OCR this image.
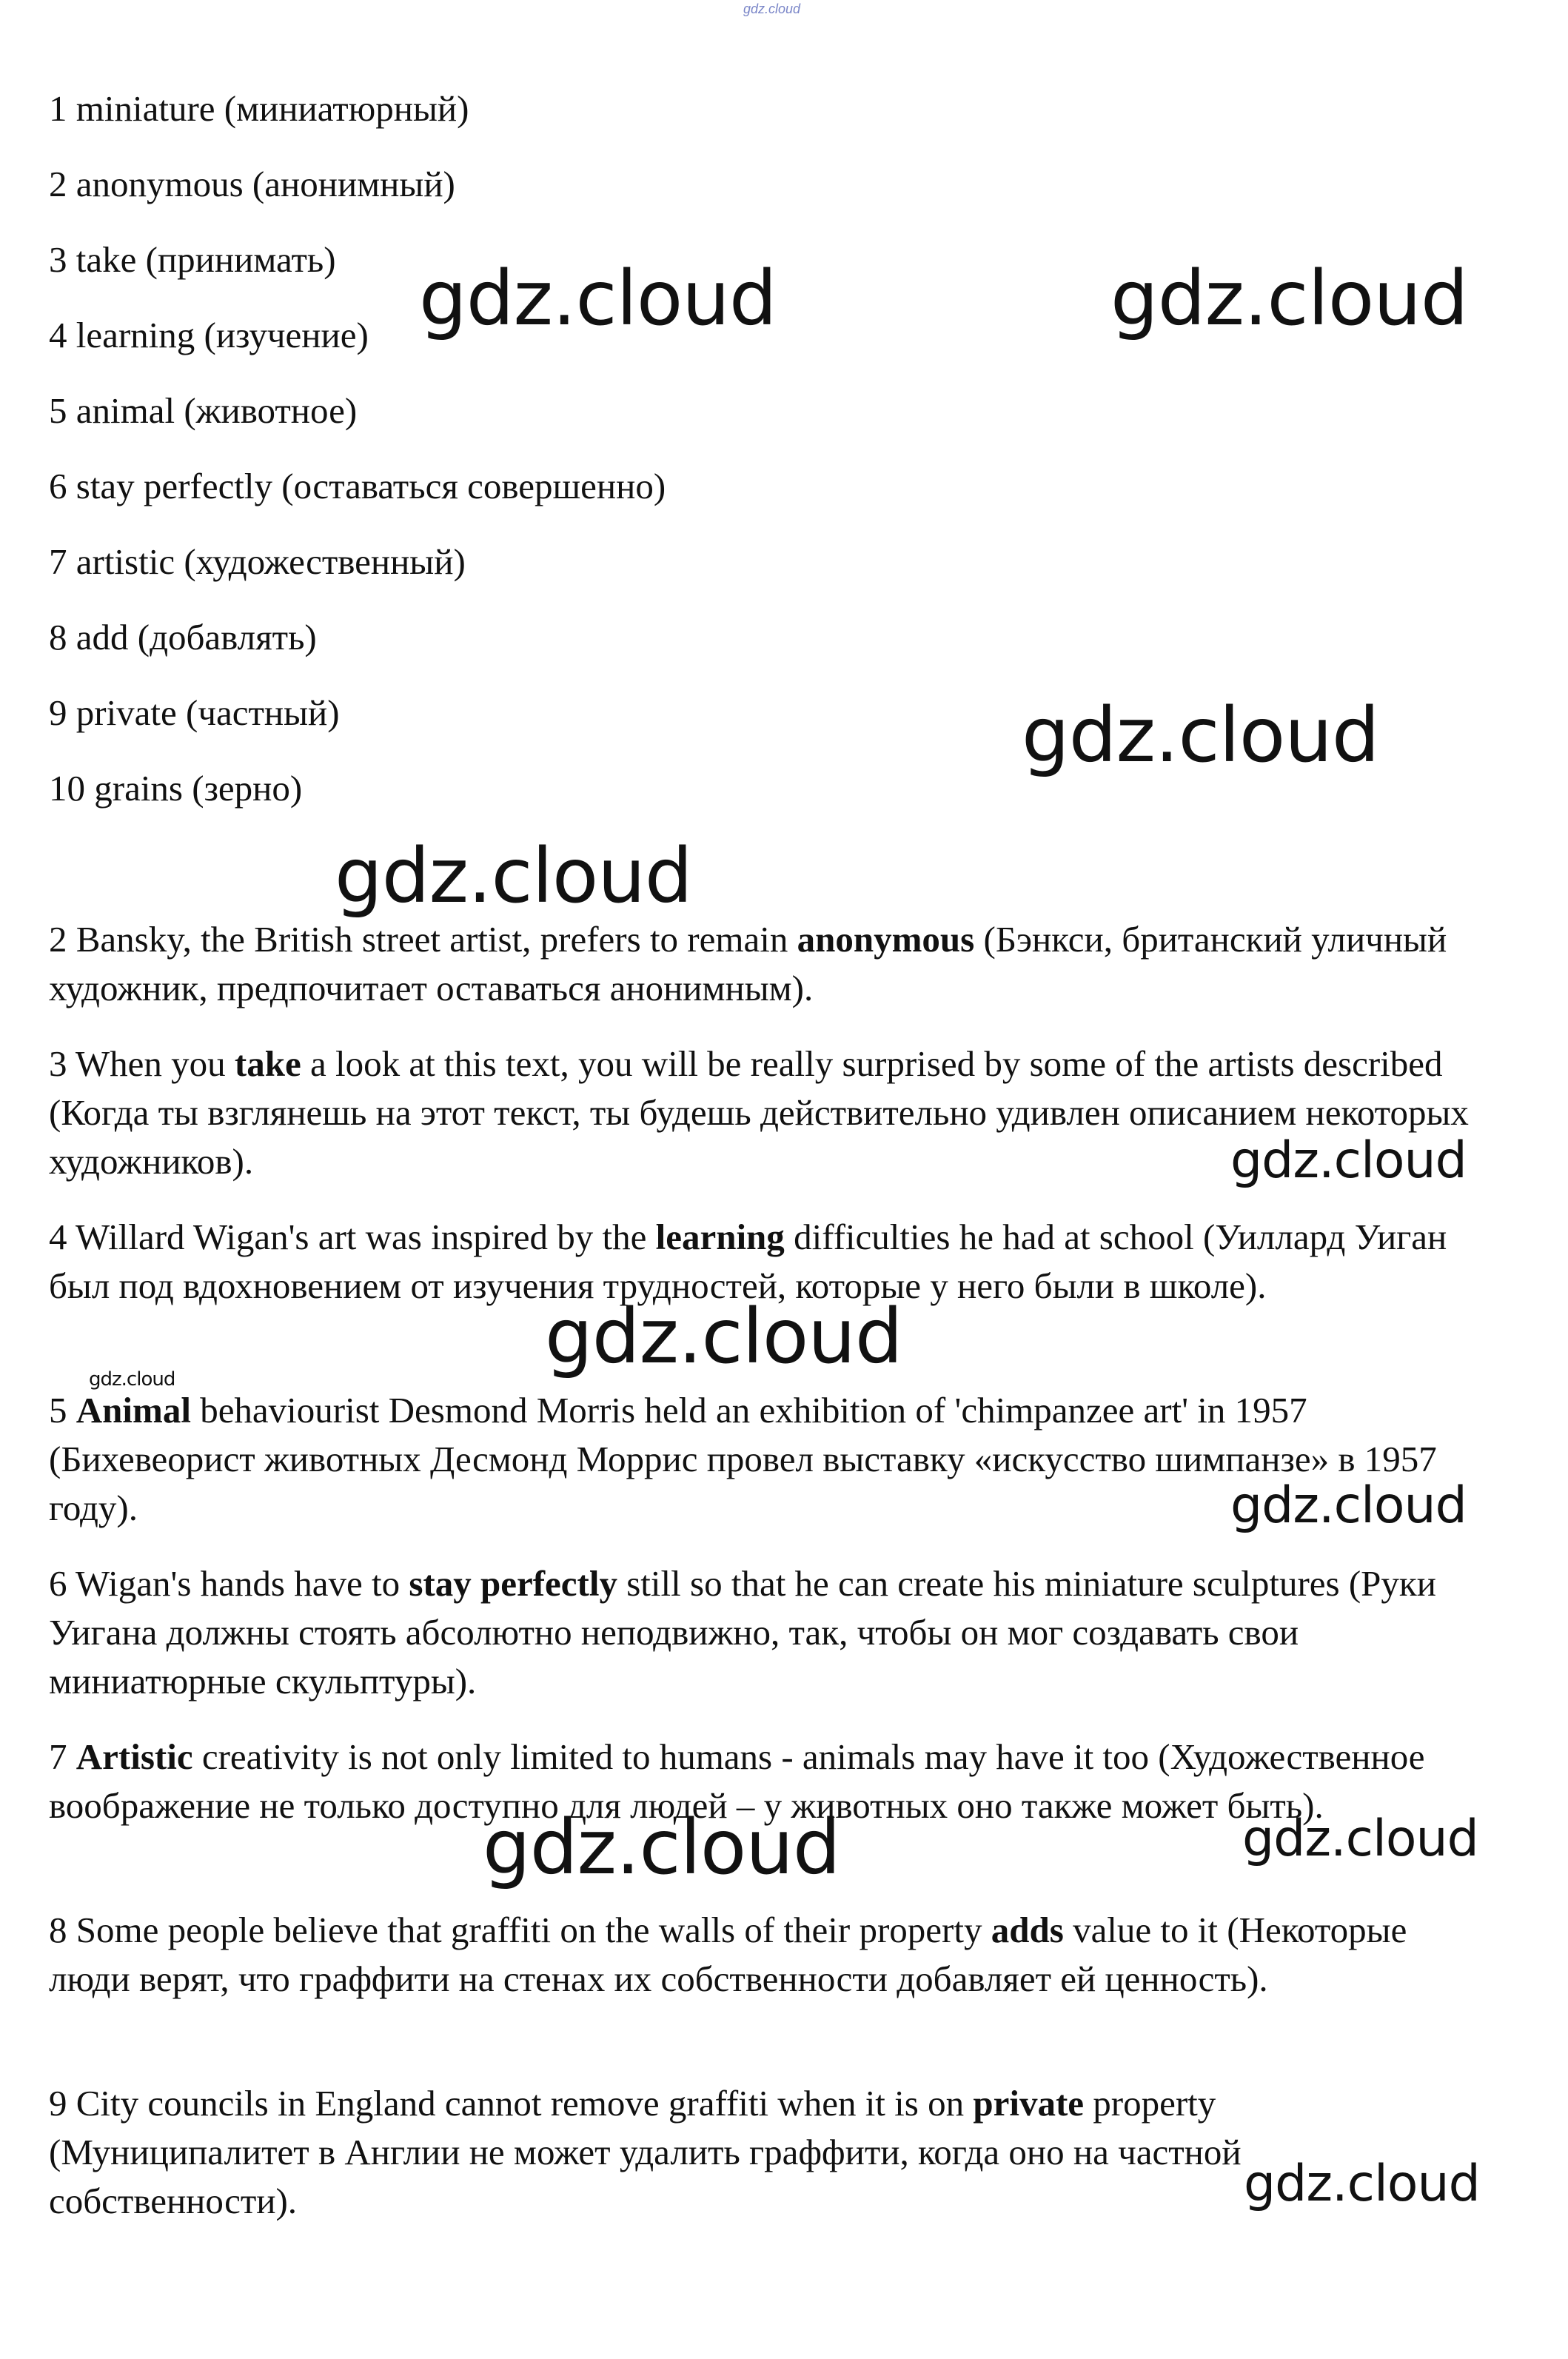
gdz.cloud
1 miniature (миниатюрный)
2 anonymous (анонимный)
3 take (принимать)
4 learning (изучение)
5 animal (животное)
6 stay perfectly (оставаться совершенно)
7 artistic (художественный)
8 add (добавлять)
9 private (частный)
10 grains (зерно)
2 Bansky, the British street artist, prefers to remain anonymous (Бэнкси, британский уличный художник, предпочитает оставаться анонимным).
3 When you take a look at this text, you will be really surprised by some of the artists described (Когда ты взглянешь на этот текст, ты будешь действительно удивлен описанием некоторых художников).
4 Willard Wigan's art was inspired by the learning difficulties he had at school (Уиллард Уиган был под вдохновением от изучения трудностей, которые у него были в школе).
5 Animal behaviourist Desmond Morris held an exhibition of 'chimpanzee art' in 1957 (Бихевеорист животных Десмонд Моррис провел выставку «искусство шимпанзе» в 1957 году).
6 Wigan's hands have to stay perfectly still so that he can create his miniature sculptures (Руки Уигана должны стоять абсолютно неподвижно, так, чтобы он мог создавать свои миниатюрные скульптуры).
7 Artistic creativity is not only limited to humans - animals may have it too (Художественное воображение не только доступно для людей – у животных оно также может быть).
8 Some people believe that graffiti on the walls of their property adds value to it (Некоторые люди верят, что граффити на стенах их собственности добавляет ей ценность).
9 City councils in England cannot remove graffiti when it is on private property (Муниципалитет в Англии не может удалить граффити, когда оно на частной собственности).
gdz.cloud	gdz.cloud
gdz.cloud
gdz.cloud
gdz.cloud
gdz.cloud
gdz.cloud
gdz.cloud
gdz.cloud	gdz.cloud
gdz.cloud
